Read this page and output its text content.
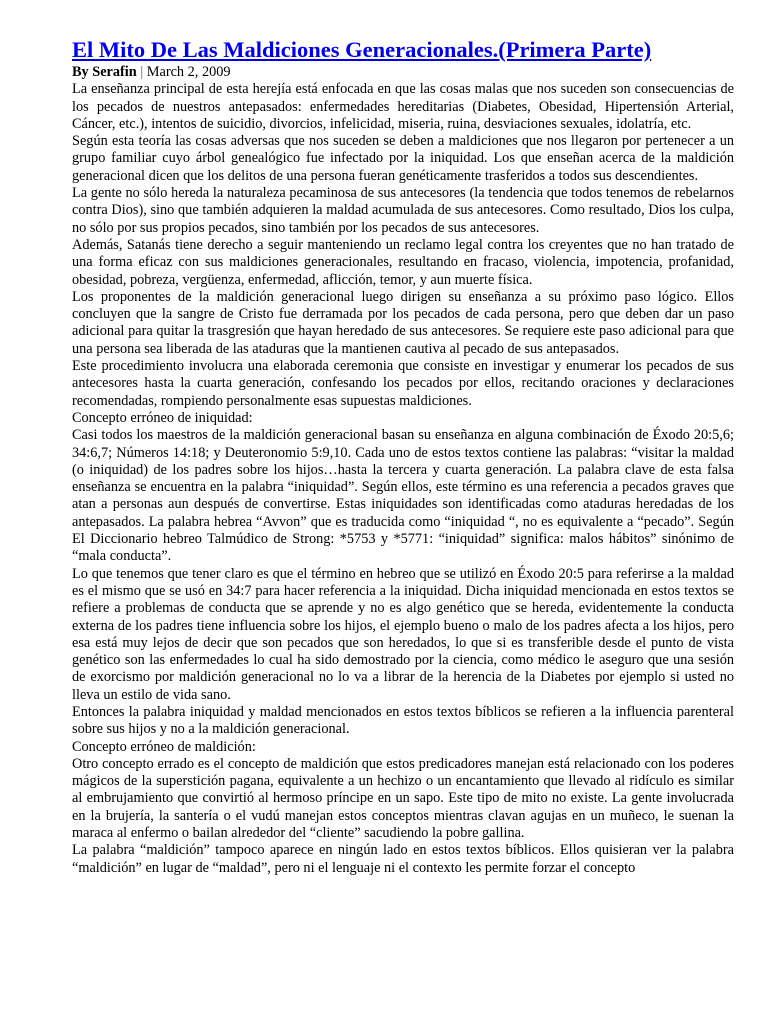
El Mito De Las Maldiciones Generacionales.(Primera Parte)

By Serafin | March 2, 2009

La enseñanza principal de esta herejía está enfocada en que las cosas malas que nos suceden son consecuencias de los pecados de nuestros antepasados: enfermedades hereditarias (Diabetes, Obesidad, Hipertensión Arterial, Cáncer, etc.), intentos de suicidio, divorcios, infelicidad, miseria, ruina, desviaciones sexuales, idolatría, etc.

Según esta teoría las cosas adversas que nos suceden se deben a maldiciones que nos llegaron por pertenecer a un grupo familiar cuyo árbol genealógico fue infectado por la iniquidad. Los que enseñan acerca de la maldición generacional dicen que los delitos de una persona fueran genéticamente trasferidos a todos sus descendientes.

La gente no sólo hereda la naturaleza pecaminosa de sus antecesores (la tendencia que todos tenemos de rebelarnos contra Dios), sino que también adquieren la maldad acumulada de sus antecesores. Como resultado, Dios los culpa, no sólo por sus propios pecados, sino también por los pecados de sus antecesores.

Además, Satanás tiene derecho a seguir manteniendo un reclamo legal contra los creyentes que no han tratado de una forma eficaz con sus maldiciones generacionales, resultando en fracaso, violencia, impotencia, profanidad, obesidad, pobreza, vergüenza, enfermedad, aflicción, temor, y aun muerte física.

Los proponentes de la maldición generacional luego dirigen su enseñanza a su próximo paso lógico. Ellos concluyen que la sangre de Cristo fue derramada por los pecados de cada persona, pero que deben dar un paso adicional para quitar la trasgresión que hayan heredado de sus antecesores. Se requiere este paso adicional para que una persona sea liberada de las ataduras que la mantienen cautiva al pecado de sus antepasados.

Este procedimiento involucra una elaborada ceremonia que consiste en investigar y enumerar los pecados de sus antecesores hasta la cuarta generación, confesando los pecados por ellos, recitando oraciones y declaraciones recomendadas, rompiendo personalmente esas supuestas maldiciones.

Concepto erróneo de iniquidad:

Casi todos los maestros de la maldición generacional basan su enseñanza en alguna combinación de Éxodo 20:5,6; 34:6,7; Números 14:18; y Deuteronomio 5:9,10. Cada uno de estos textos contiene las palabras: “visitar la maldad (o iniquidad) de los padres sobre los hijos…hasta la tercera y cuarta generación. La palabra clave de esta falsa enseñanza se encuentra en la palabra “iniquidad”. Según ellos, este término es una referencia a pecados graves que atan a personas aun después de convertirse. Estas iniquidades son identificadas como ataduras heredadas de los antepasados. La palabra hebrea “Avvon” que es traducida como “iniquidad “, no es equivalente a “pecado”. Según El Diccionario hebreo Talmúdico de Strong: *5753 y *5771: “iniquidad” significa: malos hábitos” sinónimo de “mala conducta”.

Lo que tenemos que tener claro es que el término en hebreo que se utilizó en Éxodo 20:5 para referirse a la maldad es el mismo que se usó en 34:7 para hacer referencia a la iniquidad. Dicha iniquidad mencionada en estos textos se refiere a problemas de conducta que se aprende y no es algo genético que se hereda, evidentemente la conducta externa de los padres tiene influencia sobre los hijos, el ejemplo bueno o malo de los padres afecta a los hijos, pero esa está muy lejos de decir que son pecados que son heredados, lo que si es transferible desde el punto de vista genético son las enfermedades lo cual ha sido demostrado por la ciencia, como médico le aseguro que una sesión de exorcismo por maldición generacional no lo va a librar de la herencia de la Diabetes por ejemplo si usted no lleva un estilo de vida sano.

Entonces la palabra iniquidad y maldad mencionados en estos textos bíblicos se refieren a la influencia parenteral sobre sus hijos y no a la maldición generacional.

Concepto erróneo de maldición:

Otro concepto errado es el concepto de maldición que estos predicadores manejan está relacionado con los poderes mágicos de la superstición pagana, equivalente a un hechizo o un encantamiento que llevado al ridículo es similar al embrujamiento que convirtió al hermoso príncipe en un sapo. Este tipo de mito no existe. La gente involucrada en la brujería, la santería o el vudú manejan estos conceptos mientras clavan agujas en un muñeco, le suenan la maraca al enfermo o bailan alrededor del “cliente” sacudiendo la pobre gallina.

La palabra “maldición” tampoco aparece en ningún lado en estos textos bíblicos. Ellos quisieran ver la palabra “maldición” en lugar de “maldad”, pero ni el lenguaje ni el contexto les permite forzar el concepto
